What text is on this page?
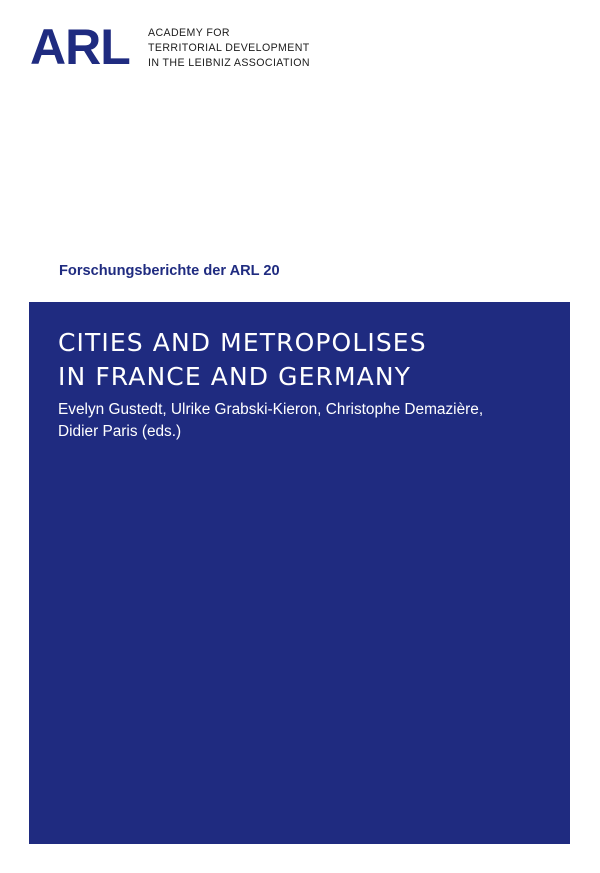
ARL ACADEMY FOR
TERRITORIAL DEVELOPMENT
IN THE LEIBNIZ ASSOCIATION
Forschungsberichte der ARL 20
CITIES AND METROPOLISES
IN FRANCE AND GERMANY
Evelyn Gustedt, Ulrike Grabski-Kieron, Christophe Demazière,
Didier Paris (eds.)
